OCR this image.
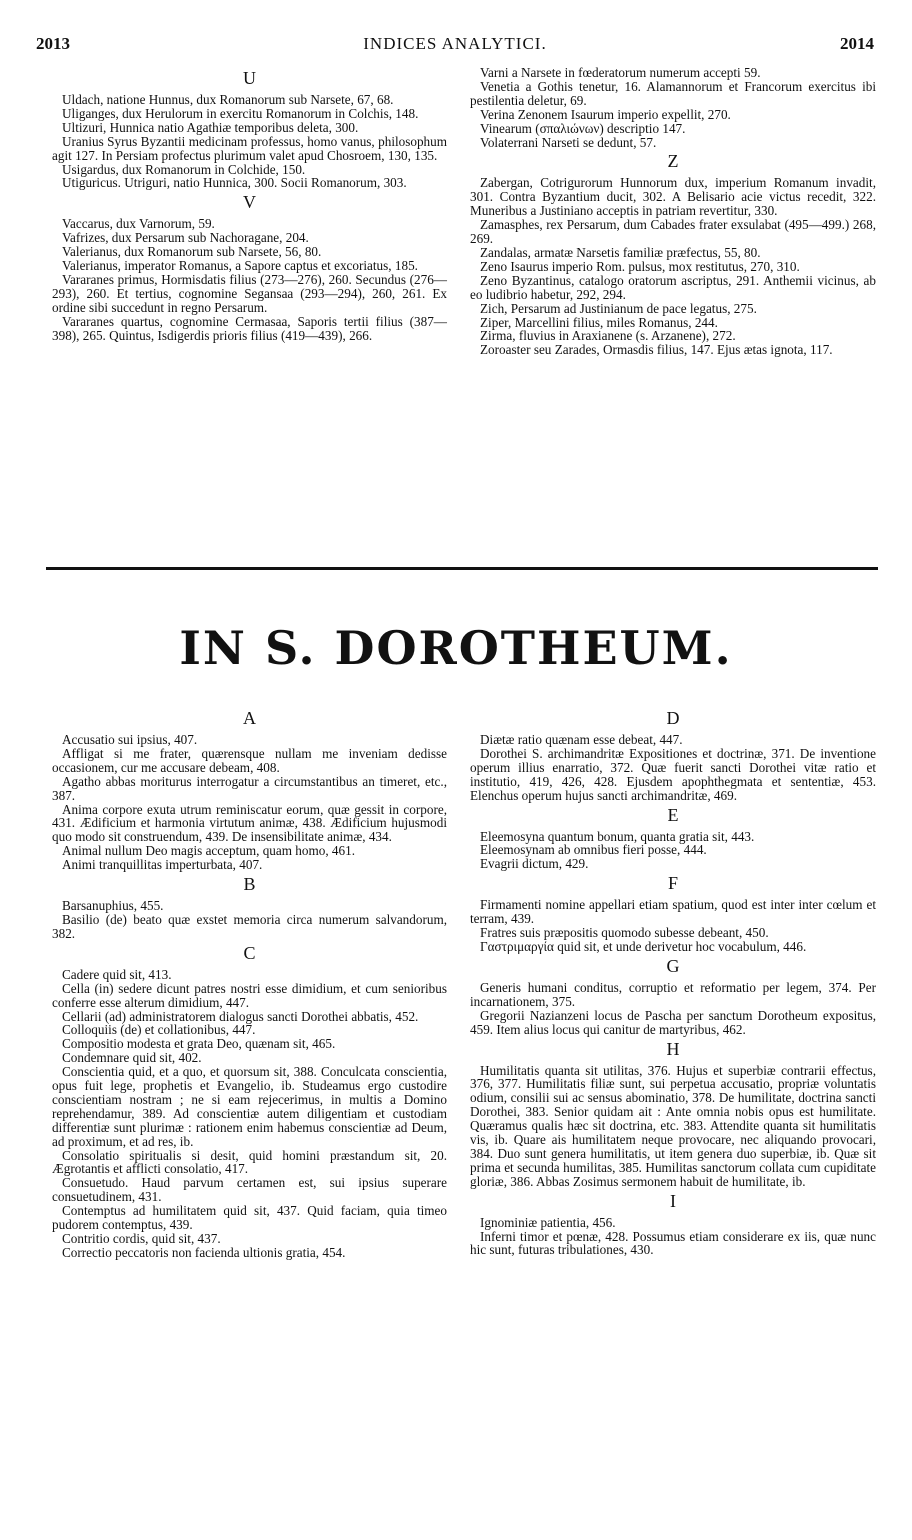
2013	INDICES ANALYTICI.	2014
U

Uldach, natione Hunnus, dux Romanorum sub Narsete, 67, 68.

Uliganges, dux Herulorum in exercitu Romanorum in Colchis, 148.

Ultizuri, Hunnica natio Agathiæ temporibus deleta, 300.

Uranius Syrus Byzantii medicinam professus, homo vanus, philosophum agit 127. In Persiam profectus plurimum valet apud Chosroem, 130, 135.

Usigardus, dux Romanorum in Colchide, 150.

Utiguricus. Utriguri, natio Hunnica, 300. Socii Romanorum, 303.

V

Vaccarus, dux Varnorum, 59.

Vafrizes, dux Persarum sub Nachoragane, 204.

Valerianus, dux Romanorum sub Narsete, 56, 80.

Valerianus, imperator Romanus, a Sapore captus et excoriatus, 185.

Vararanes primus, Hormisdatis filius (273—276), 260. Secundus (276—293), 260. Et tertius, cognomine Segansaa (293—294), 260, 261. Ex ordine sibi succedunt in regno Persarum.

Vararanes quartus, cognomine Cermasaa, Saporis tertii filius (387—398), 265. Quintus, Isdigerdis prioris filius (419—439), 266.

Varni a Narsete in fœderatorum numerum accepti 59.

Venetia a Gothis tenetur, 16. Alamannorum et Francorum exercitus ibi pestilentia deletur, 69.

Verina Zenonem Isaurum imperio expellit, 270.

Vinearum (σπαλιώνων) descriptio 147.

Volaterrani Narseti se dedunt, 57.

Z

Zabergan, Cotrigurorum Hunnorum dux, imperium Romanum invadit, 301. Contra Byzantium ducit, 302. A Belisario acie victus recedit, 322. Muneribus a Justiniano acceptis in patriam revertitur, 330.

Zamasphes, rex Persarum, dum Cabades frater exsulabat (495—499.) 268, 269.

Zandalas, armatæ Narsetis familiæ præfectus, 55, 80.

Zeno Isaurus imperio Rom. pulsus, mox restitutus, 270, 310.

Zeno Byzantinus, catalogo oratorum ascriptus, 291. Anthemii vicinus, ab eo ludibrio habetur, 292, 294.

Zich, Persarum ad Justinianum de pace legatus, 275.

Ziper, Marcellini filius, miles Romanus, 244.

Zirma, fluvius in Araxianene (s. Arzanene), 272.

Zoroaster seu Zarades, Ormasdis filius, 147. Ejus ætas ignota, 117.

IN S. DOROTHEUM.
A

Accusatio sui ipsius, 407.

Affligat si me frater, quærensque nullam me inveniam dedisse occasionem, cur me accusare debeam, 408.

Agatho abbas moriturus interrogatur a circumstantibus an timeret, etc., 387.

Anima corpore exuta utrum reminiscatur eorum, quæ gessit in corpore, 431. Ædificium et harmonia virtutum animæ, 438. Ædificium hujusmodi quo modo sit construendum, 439. De insensibilitate animæ, 434.

Animal nullum Deo magis acceptum, quam homo, 461.

Animi tranquillitas imperturbata, 407.

B

Barsanuphius, 455.

Basilio (de) beato quæ exstet memoria circa numerum salvandorum, 382.

C

Cadere quid sit, 413.

Cella (in) sedere dicunt patres nostri esse dimidium, et cum senioribus conferre esse alterum dimidium, 447.

Cellarii (ad) administratorem dialogus sancti Dorothei abbatis, 452.

Colloquiis (de) et collationibus, 447.

Compositio modesta et grata Deo, quænam sit, 465.

Condemnare quid sit, 402.

Conscientia quid, et a quo, et quorsum sit, 388. Conculcata conscientia, opus fuit lege, prophetis et Evangelio, ib. Studeamus ergo custodire conscientiam nostram ; ne si eam rejecerimus, in multis a Domino reprehendamur, 389. Ad conscientiæ autem diligentiam et custodiam differentiæ sunt plurimæ : rationem enim habemus conscientiæ ad Deum, ad proximum, et ad res, ib.

Consolatio spiritualis si desit, quid homini præstandum sit, 20. Ægrotantis et afflicti consolatio, 417.

Consuetudo. Haud parvum certamen est, sui ipsius superare consuetudinem, 431.

Contemptus ad humilitatem quid sit, 437. Quid faciam, quia timeo pudorem contemptus, 439.

Contritio cordis, quid sit, 437.

Correctio peccatoris non facienda ultionis gratia, 454.

D

Diætæ ratio quænam esse debeat, 447.

Dorothei S. archimandritæ Expositiones et doctrinæ, 371. De inventione operum illius enarratio, 372. Quæ fuerit sancti Dorothei vitæ ratio et institutio, 419, 426, 428. Ejusdem apophthegmata et sententiæ, 453. Elenchus operum hujus sancti archimandritæ, 469.

E

Eleemosyna quantum bonum, quanta gratia sit, 443.

Eleemosynam ab omnibus fieri posse, 444.

Evagrii dictum, 429.

F

Firmamenti nomine appellari etiam spatium, quod est inter inter cœlum et terram, 439.

Fratres suis præpositis quomodo subesse debeant, 450.

Γαστριμαργία quid sit, et unde derivetur hoc vocabulum, 446.

G

Generis humani conditus, corruptio et reformatio per legem, 374. Per incarnationem, 375.

Gregorii Nazianzeni locus de Pascha per sanctum Dorotheum expositus, 459. Item alius locus qui canitur de martyribus, 462.

H

Humilitatis quanta sit utilitas, 376. Hujus et superbiæ contrarii effectus, 376, 377. Humilitatis filiæ sunt, sui perpetua accusatio, propriæ voluntatis odium, consilii sui ac sensus abominatio, 378. De humilitate, doctrina sancti Dorothei, 383. Senior quidam ait : Ante omnia nobis opus est humilitate. Quæramus qualis hæc sit doctrina, etc. 383. Attendite quanta sit humilitatis vis, ib. Quare ais humilitatem neque provocare, nec aliquando provocari, 384. Duo sunt genera humilitatis, ut item genera duo superbiæ, ib. Quæ sit prima et secunda humilitas, 385. Humilitas sanctorum collata cum cupiditate gloriæ, 386. Abbas Zosimus sermonem habuit de humilitate, ib.

I

Ignominiæ patientia, 456.

Inferni timor et pœnæ, 428. Possumus etiam considerare ex iis, quæ nunc hic sunt, futuras tribulationes, 430.
